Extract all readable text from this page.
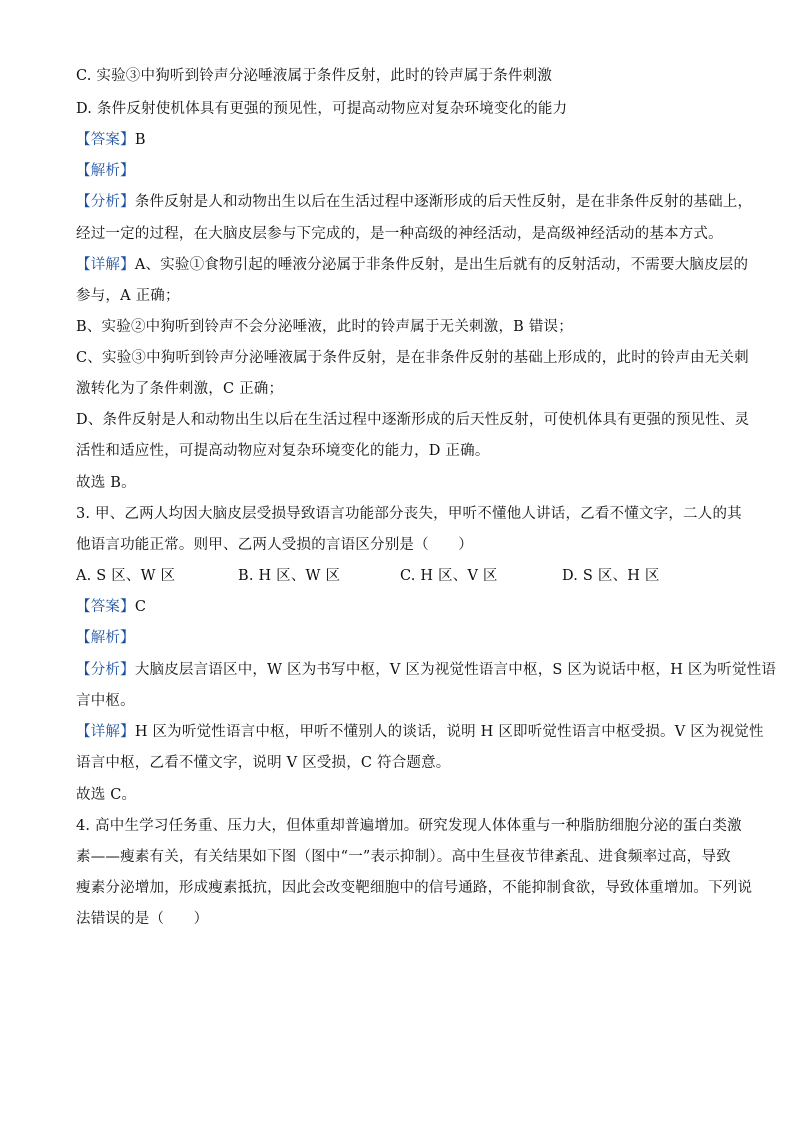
C. 实验③中狗听到铃声分泌唾液属于条件反射，此时的铃声属于条件刺激
D. 条件反射使机体具有更强的预见性，可提高动物应对复杂环境变化的能力
【答案】B
【解析】
【分析】条件反射是人和动物出生以后在生活过程中逐渐形成的后天性反射，是在非条件反射的基础上，
经过一定的过程，在大脑皮层参与下完成的，是一种高级的神经活动，是高级神经活动的基本方式。
【详解】A、实验①食物引起的唾液分泌属于非条件反射，是出生后就有的反射活动，不需要大脑皮层的
参与，A 正确；
B、实验②中狗听到铃声不会分泌唾液，此时的铃声属于无关刺激，B 错误；
C、实验③中狗听到铃声分泌唾液属于条件反射，是在非条件反射的基础上形成的，此时的铃声由无关刺
激转化为了条件刺激，C 正确；
D、条件反射是人和动物出生以后在生活过程中逐渐形成的后天性反射，可使机体具有更强的预见性、灵
活性和适应性，可提高动物应对复杂环境变化的能力，D 正确。
故选 B。
3. 甲、乙两人均因大脑皮层受损导致语言功能部分丧失，甲听不懂他人讲话，乙看不懂文字，二人的其
他语言功能正常。则甲、乙两人受损的言语区分别是（　　）
A. S 区、W 区	B. H 区、W 区	C. H 区、V 区	D. S 区、H 区
【答案】C
【解析】
【分析】大脑皮层言语区中，W 区为书写中枢，V 区为视觉性语言中枢，S 区为说话中枢，H 区为听觉性语
言中枢。
【详解】H 区为听觉性语言中枢，甲听不懂别人的谈话，说明 H 区即听觉性语言中枢受损。V 区为视觉性
语言中枢，乙看不懂文字，说明 V 区受损，C 符合题意。
故选 C。
4. 高中生学习任务重、压力大，但体重却普遍增加。研究发现人体体重与一种脂肪细胞分泌的蛋白类激
素——瘦素有关，有关结果如下图（图中“一”表示抑制）。高中生昼夜节律紊乱、进食频率过高，导致
瘦素分泌增加，形成瘦素抵抗，因此会改变靶细胞中的信号通路，不能抑制食欲，导致体重增加。下列说
法错误的是（　　）
